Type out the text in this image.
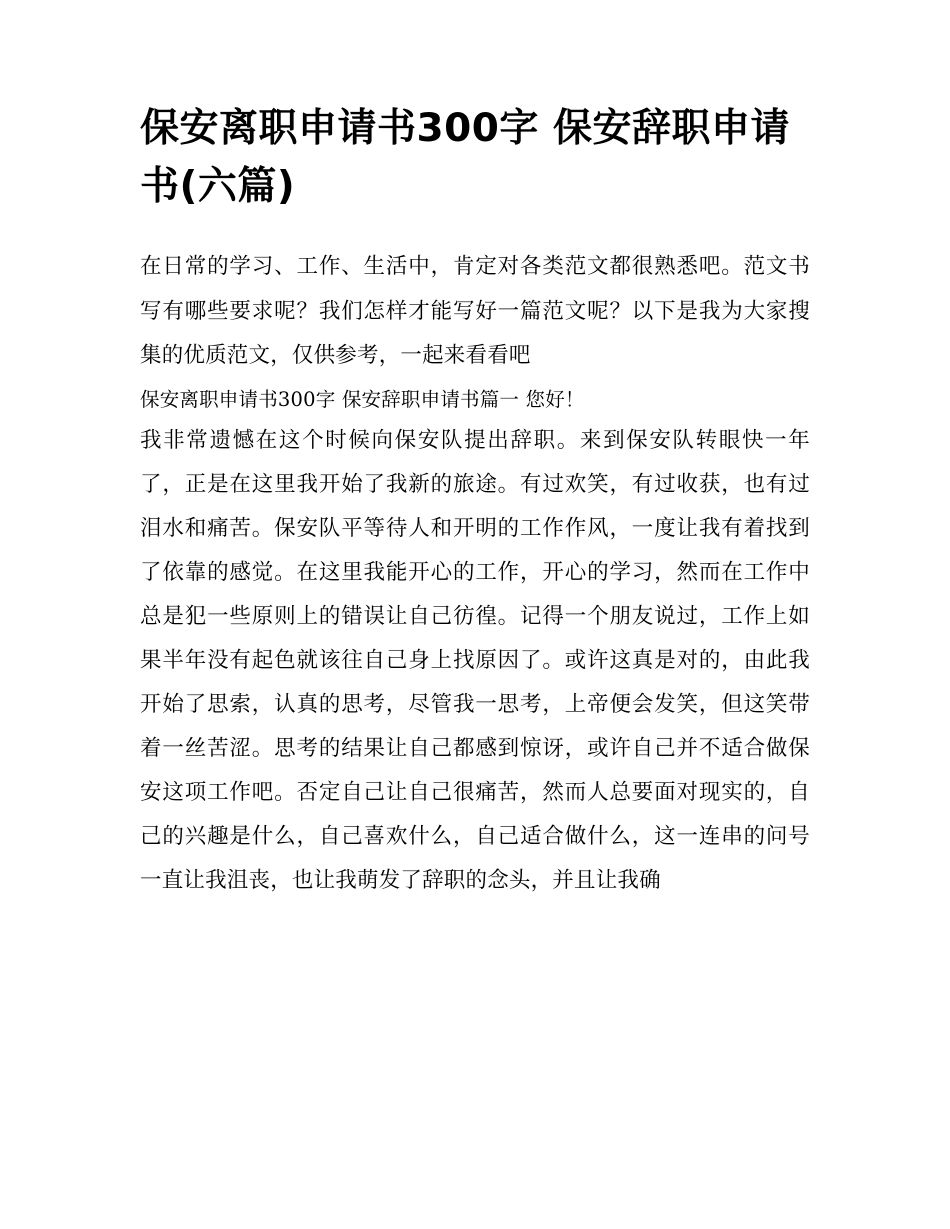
保安离职申请书300字 保安辞职申请书(六篇)

在日常的学习、工作、生活中，肯定对各类范文都很熟悉吧。范文书写有哪些要求呢？我们怎样才能写好一篇范文呢？以下是我为大家搜集的优质范文，仅供参考，一起来看看吧

保安离职申请书300字 保安辞职申请书篇一 您好！

我非常遗憾在这个时候向保安队提出辞职。来到保安队转眼快一年了，正是在这里我开始了我新的旅途。有过欢笑，有过收获，也有过泪水和痛苦。保安队平等待人和开明的工作作风，一度让我有着找到了依靠的感觉。在这里我能开心的工作，开心的学习，然而在工作中总是犯一些原则上的错误让自己彷徨。记得一个朋友说过，工作上如果半年没有起色就该往自己身上找原因了。或许这真是对的，由此我开始了思索，认真的思考，尽管我一思考，上帝便会发笑，但这笑带着一丝苦涩。思考的结果让自己都感到惊讶，或许自己并不适合做保安这项工作吧。否定自己让自己很痛苦，然而人总要面对现实的，自己的兴趣是什么，自己喜欢什么，自己适合做什么，这一连串的问号一直让我沮丧，也让我萌发了辞职的念头，并且让我确
